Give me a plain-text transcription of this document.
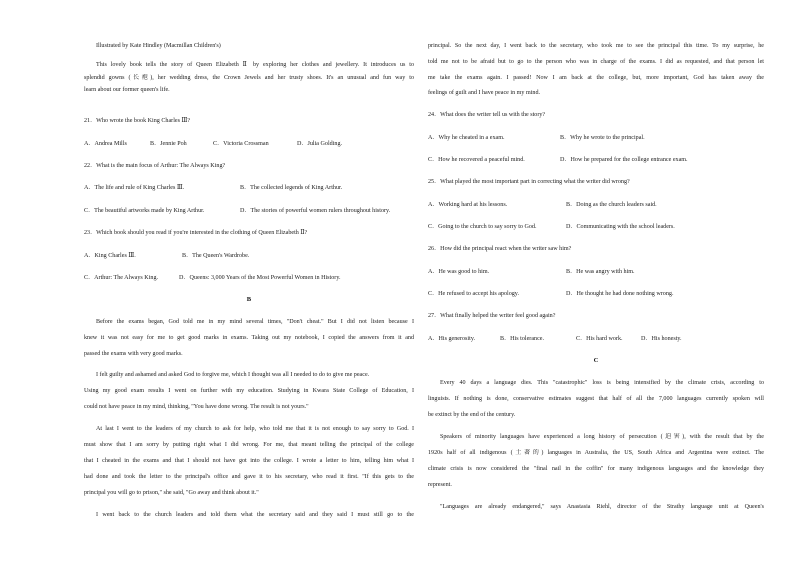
Illustrated by Kate Hindley (Macmillan Children's)
This lovely book tells the story of Queen Elizabeth Ⅱ by exploring her clothes and jewellery. It introduces us to
splendid gowns (长袍), her wedding dress, the Crown Jewels and her trusty shoes. It's an unusual and fun way to
learn about our former queen's life.
21．Who wrote the book King Charles Ⅲ?
A．Andrea Mills	B．Jennie Poh	C．Victoria Crossman	D．Julia Golding.
22．What is the main focus of Arthur: The Always King?
A．The life and rule of King Charles Ⅲ.	B．The collected legends of King Arthur.
C．The beautiful artworks made by King Arthur.	D．The stories of powerful women rulers throughout history.
23．Which book should you read if you're interested in the clothing of Queen Elizabeth Ⅱ?
A．King Charles Ⅲ.	B．The Queen's Wardrobe.
C．Arthur: The Always King.	D．Queens: 3,000 Years of the Most Powerful Women in History.
B
Before the exams began, God told me in my mind several times, "Don't cheat." But I did not listen because I
knew it was not easy for me to get good marks in exams. Taking out my notebook, I copied the answers from it and
passed the exams with very good marks.
I felt guilty and ashamed and asked God to forgive me, which I thought was all I needed to do to give me peace.
Using my good exam results I went on further with my education. Studying in Kwara State College of Education, I
could not have peace in my mind, thinking, "You have done wrong. The result is not yours."
At last I went to the leaders of my church to ask for help, who told me that it is not enough to say sorry to God. I
must show that I am sorry by putting right what I did wrong. For me, that meant telling the principal of the college
that I cheated in the exams and that I should not have got into the college. I wrote a letter to him, telling him what I
had done and took the letter to the principal's office and gave it to his secretary, who read it first. "If this gets to the
principal you will go to prison," she said, "Go away and think about it."
I went back to the church leaders and told them what the secretary said and they said I must still go to the
principal. So the next day, I went back to the secretary, who took me to see the principal this time. To my surprise, he
told me not to be afraid but to go to the person who was in charge of the exams. I did as requested, and that person let
me take the exams again. I passed! Now I am back at the college, but, more important, God has taken away the
feelings of guilt and I have peace in my mind.
24．What does the writer tell us with the story?
A．Why he cheated in a exam.	B．Why he wrote to the principal.
C．How he recovered a peaceful mind.	D．How he prepared for the college entrance exam.
25．What played the most important part in correcting what the writer did wrong?
A．Working hard at his lessons.	B．Doing as the church leaders said.
C．Going to the church to say sorry to God.	D．Communicating with the school leaders.
26．How did the principal react when the writer saw him?
A．He was good to him.	B．He was angry with him.
C．He refused to accept his apology.	D．He thought he had done nothing wrong.
27．What finally helped the writer feel good again?
A．His generosity.	B．His tolerance.	C．His hard work.	D．His honesty.
C
Every 40 days a language dies. This "catastrophic" loss is being intensified by the climate crisis, according to
linguists. If nothing is done, conservative estimates suggest that half of all the 7,000 languages currently spoken will
be extinct by the end of the century.
Speakers of minority languages have experienced a long history of persecution (迫害), with the result that by the
1920s half of all indigenous (土著的) languages in Australia, the US, South Africa and Argentina were extinct. The
climate crisis is now considered the "final nail in the coffin" for many indigenous languages and the knowledge they
represent.
"Languages are already endangered," says Anastasia Riehl, director of the Strathy language unit at Queen's
